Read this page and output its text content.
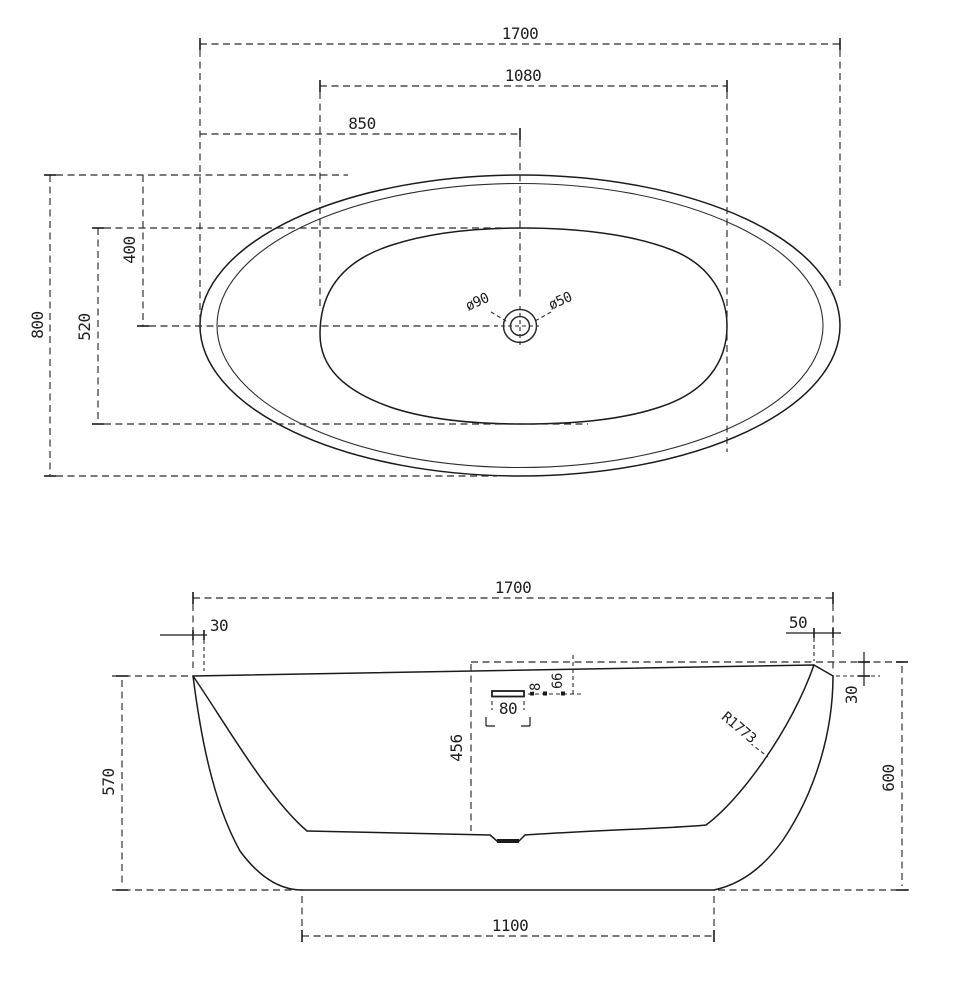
ø90	ø50
1700
1080
850
800 520
400
1700
30	50
30
600
570
1100
456
80
8 66
R1773
